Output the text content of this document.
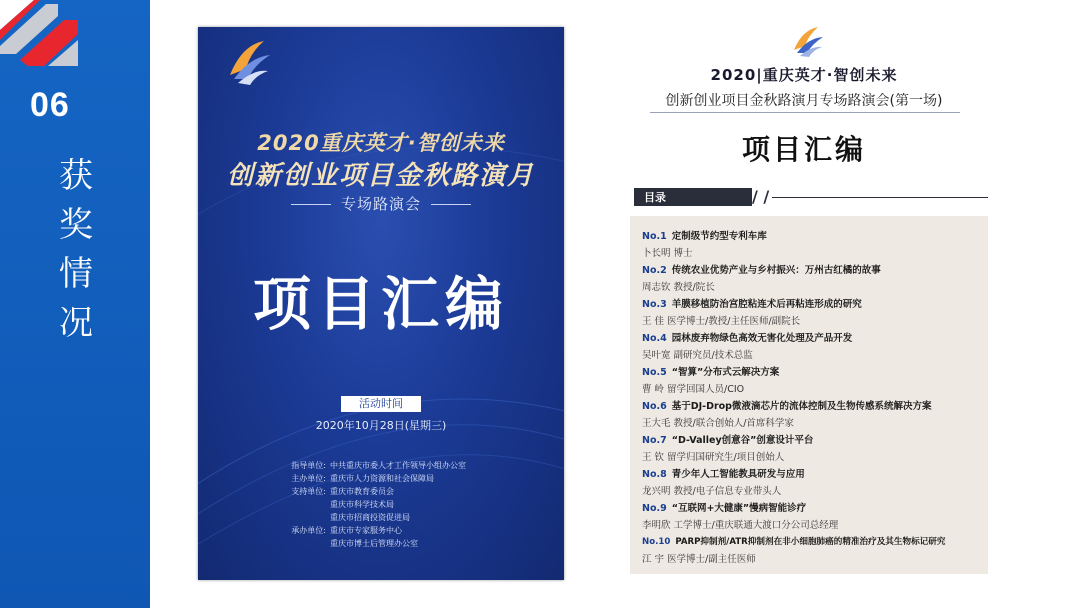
06
获
奖
情
况
2020重庆英才·智创未来
创新创业项目金秋路演月
专场路演会
项目汇编
活动时间
2020年10月28日(星期三)
指导单位: 中共重庆市委人才工作领导小组办公室
主办单位: 重庆市人力资源和社会保障局
支持单位: 重庆市教育委员会
重庆市科学技术局
重庆市招商投资促进局
承办单位: 重庆市专家服务中心
重庆市博士后管理办公室
2020|重庆英才·智创未来
创新创业项目金秋路演月专场路演会(第一场)
项目汇编
目录	/ /
No.1 定制级节约型专利车库
卜长明 博士
No.2 传统农业优势产业与乡村振兴：万州古红橘的故事
周志钦 教授/院长
No.3 羊膜移植防治宫腔粘连术后再粘连形成的研究
王 佳 医学博士/教授/主任医师/副院长
No.4 园林废弃物绿色高效无害化处理及产品开发
吴叶宽 副研究员/技术总监
No.5 “智算”分布式云解决方案
曹 岭 留学回国人员/CIO
No.6 基于DJ-Drop微液滴芯片的流体控制及生物传感系统解决方案
王大毛 教授/联合创始人/首席科学家
No.7 “D-Valley创意谷”创意设计平台
王 钦 留学归国研究生/项目创始人
No.8 青少年人工智能教具研发与应用
龙兴明 教授/电子信息专业带头人
No.9 “互联网+大健康”慢病智能诊疗
李明欣 工学博士/重庆联通大渡口分公司总经理
No.10 PARP抑制剂/ATR抑制剂在非小细胞肺癌的精准治疗及其生物标记研究
江 宇 医学博士/副主任医师
